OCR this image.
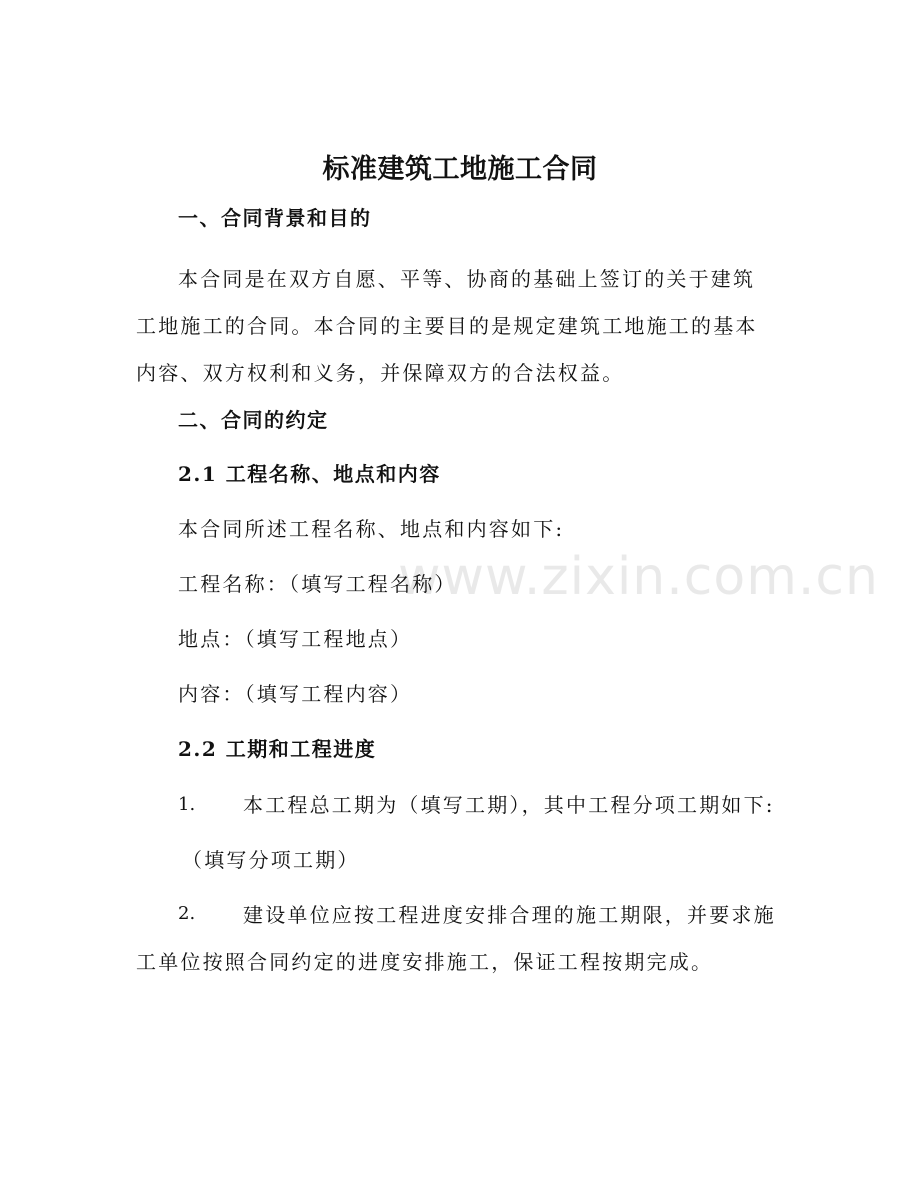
www.zixin.com.cn
标准建筑工地施工合同
一、合同背景和目的
本合同是在双方自愿、平等、协商的基础上签订的关于建筑工地施工的合同。本合同的主要目的是规定建筑工地施工的基本内容、双方权利和义务，并保障双方的合法权益。
二、合同的约定
2.1 工程名称、地点和内容
本合同所述工程名称、地点和内容如下:
工程名称：（填写工程名称）
地点：（填写工程地点）
内容：（填写工程内容）
2.2 工期和工程进度
1. 本工程总工期为（填写工期），其中工程分项工期如下:
（填写分项工期）
2.	建设单位应按工程进度安排合理的施工期限，并要求施工单位按照合同约定的进度安排施工，保证工程按期完成。
